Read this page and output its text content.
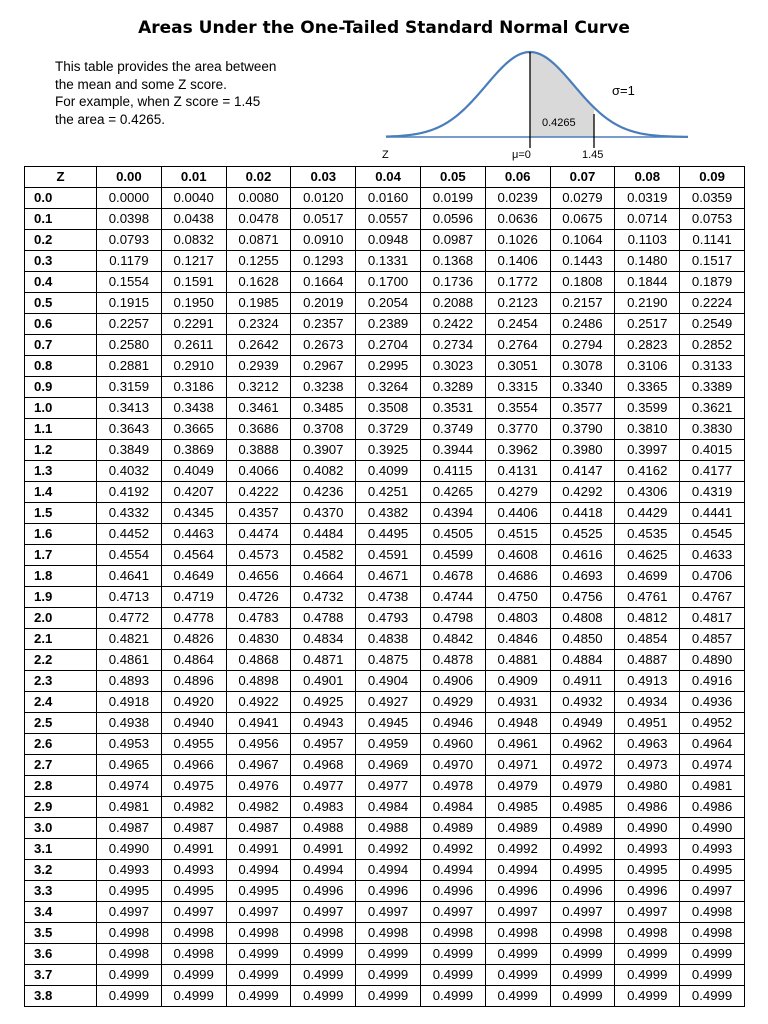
Areas Under the One-Tailed Standard Normal Curve
This table provides the area between
the mean and some Z score.
For example, when Z score = 1.45
the area = 0.4265.
σ=1
0.4265
Z	μ=0	1.45
Z	0.00	0.01	0.02	0.03	0.04	0.05	0.06	0.07	0.08	0.09
0.0	0.0000	0.0040	0.0080	0.0120	0.0160	0.0199	0.0239	0.0279	0.0319	0.0359
0.1	0.0398	0.0438	0.0478	0.0517	0.0557	0.0596	0.0636	0.0675	0.0714	0.0753
0.2	0.0793	0.0832	0.0871	0.0910	0.0948	0.0987	0.1026	0.1064	0.1103	0.1141
0.3	0.1179	0.1217	0.1255	0.1293	0.1331	0.1368	0.1406	0.1443	0.1480	0.1517
0.4	0.1554	0.1591	0.1628	0.1664	0.1700	0.1736	0.1772	0.1808	0.1844	0.1879
0.5	0.1915	0.1950	0.1985	0.2019	0.2054	0.2088	0.2123	0.2157	0.2190	0.2224
0.6	0.2257	0.2291	0.2324	0.2357	0.2389	0.2422	0.2454	0.2486	0.2517	0.2549
0.7	0.2580	0.2611	0.2642	0.2673	0.2704	0.2734	0.2764	0.2794	0.2823	0.2852
0.8	0.2881	0.2910	0.2939	0.2967	0.2995	0.3023	0.3051	0.3078	0.3106	0.3133
0.9	0.3159	0.3186	0.3212	0.3238	0.3264	0.3289	0.3315	0.3340	0.3365	0.3389
1.0	0.3413	0.3438	0.3461	0.3485	0.3508	0.3531	0.3554	0.3577	0.3599	0.3621
1.1	0.3643	0.3665	0.3686	0.3708	0.3729	0.3749	0.3770	0.3790	0.3810	0.3830
1.2	0.3849	0.3869	0.3888	0.3907	0.3925	0.3944	0.3962	0.3980	0.3997	0.4015
1.3	0.4032	0.4049	0.4066	0.4082	0.4099	0.4115	0.4131	0.4147	0.4162	0.4177
1.4	0.4192	0.4207	0.4222	0.4236	0.4251	0.4265	0.4279	0.4292	0.4306	0.4319
1.5	0.4332	0.4345	0.4357	0.4370	0.4382	0.4394	0.4406	0.4418	0.4429	0.4441
1.6	0.4452	0.4463	0.4474	0.4484	0.4495	0.4505	0.4515	0.4525	0.4535	0.4545
1.7	0.4554	0.4564	0.4573	0.4582	0.4591	0.4599	0.4608	0.4616	0.4625	0.4633
1.8	0.4641	0.4649	0.4656	0.4664	0.4671	0.4678	0.4686	0.4693	0.4699	0.4706
1.9	0.4713	0.4719	0.4726	0.4732	0.4738	0.4744	0.4750	0.4756	0.4761	0.4767
2.0	0.4772	0.4778	0.4783	0.4788	0.4793	0.4798	0.4803	0.4808	0.4812	0.4817
2.1	0.4821	0.4826	0.4830	0.4834	0.4838	0.4842	0.4846	0.4850	0.4854	0.4857
2.2	0.4861	0.4864	0.4868	0.4871	0.4875	0.4878	0.4881	0.4884	0.4887	0.4890
2.3	0.4893	0.4896	0.4898	0.4901	0.4904	0.4906	0.4909	0.4911	0.4913	0.4916
2.4	0.4918	0.4920	0.4922	0.4925	0.4927	0.4929	0.4931	0.4932	0.4934	0.4936
2.5	0.4938	0.4940	0.4941	0.4943	0.4945	0.4946	0.4948	0.4949	0.4951	0.4952
2.6	0.4953	0.4955	0.4956	0.4957	0.4959	0.4960	0.4961	0.4962	0.4963	0.4964
2.7	0.4965	0.4966	0.4967	0.4968	0.4969	0.4970	0.4971	0.4972	0.4973	0.4974
2.8	0.4974	0.4975	0.4976	0.4977	0.4977	0.4978	0.4979	0.4979	0.4980	0.4981
2.9	0.4981	0.4982	0.4982	0.4983	0.4984	0.4984	0.4985	0.4985	0.4986	0.4986
3.0	0.4987	0.4987	0.4987	0.4988	0.4988	0.4989	0.4989	0.4989	0.4990	0.4990
3.1	0.4990	0.4991	0.4991	0.4991	0.4992	0.4992	0.4992	0.4992	0.4993	0.4993
3.2	0.4993	0.4993	0.4994	0.4994	0.4994	0.4994	0.4994	0.4995	0.4995	0.4995
3.3	0.4995	0.4995	0.4995	0.4996	0.4996	0.4996	0.4996	0.4996	0.4996	0.4997
3.4	0.4997	0.4997	0.4997	0.4997	0.4997	0.4997	0.4997	0.4997	0.4997	0.4998
3.5	0.4998	0.4998	0.4998	0.4998	0.4998	0.4998	0.4998	0.4998	0.4998	0.4998
3.6	0.4998	0.4998	0.4999	0.4999	0.4999	0.4999	0.4999	0.4999	0.4999	0.4999
3.7	0.4999	0.4999	0.4999	0.4999	0.4999	0.4999	0.4999	0.4999	0.4999	0.4999
3.8	0.4999	0.4999	0.4999	0.4999	0.4999	0.4999	0.4999	0.4999	0.4999	0.4999
